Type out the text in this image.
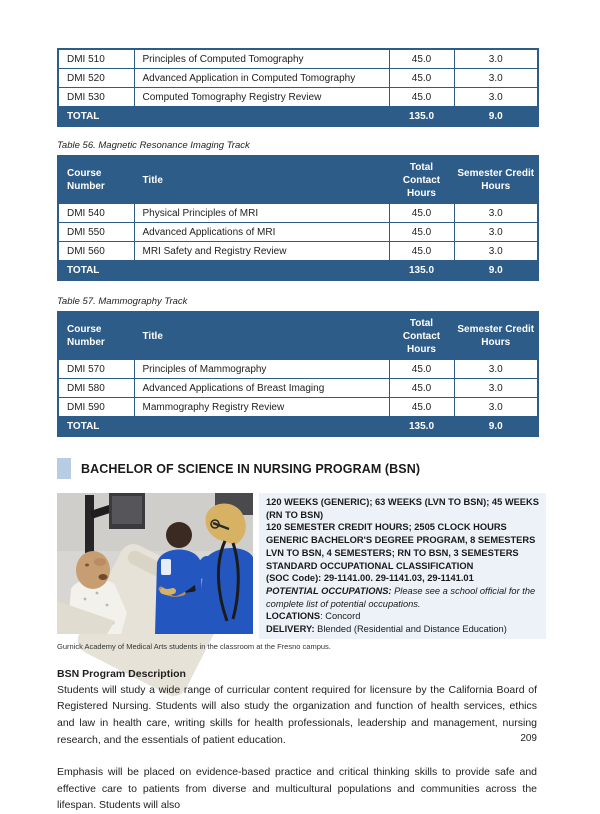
DMI 510	Principles of Computed Tomography	45.0	3.0
DMI 520	Advanced Application in Computed Tomography	45.0	3.0
DMI 530	Computed Tomography Registry Review	45.0	3.0
TOTAL		135.0	9.0
Table 56. Magnetic Resonance Imaging Track
Course Number	Title	Total Contact Hours	Semester Credit Hours
DMI 540	Physical Principles of MRI	45.0	3.0
DMI 550	Advanced Applications of MRI	45.0	3.0
DMI 560	MRI Safety and Registry Review	45.0	3.0
TOTAL		135.0	9.0
Table 57. Mammography Track
Course Number	Title	Total Contact Hours	Semester Credit Hours
DMI 570	Principles of Mammography	45.0	3.0
DMI 580	Advanced Applications of Breast Imaging	45.0	3.0
DMI 590	Mammography Registry Review	45.0	3.0
TOTAL		135.0	9.0
BACHELOR OF SCIENCE IN NURSING PROGRAM (BSN)
120 WEEKS (GENERIC); 63 WEEKS (LVN TO BSN); 45 WEEKS (RN TO BSN)
120 SEMESTER CREDIT HOURS; 2505 CLOCK HOURS
GENERIC BACHELOR'S DEGREE PROGRAM, 8 SEMESTERS
LVN TO BSN, 4 SEMESTERS; RN TO BSN, 3 SEMESTERS
STANDARD OCCUPATIONAL CLASSIFICATION
(SOC Code): 29-1141.00. 29-1141.03, 29-1141.01
POTENTIAL OCCUPATIONS: Please see a school official for the complete list of potential occupations.
LOCATIONS: Concord
DELIVERY: Blended (Residential and Distance Education)
Gurnick Academy of Medical Arts students in the classroom at the Fresno campus.
BSN Program Description
Students will study a wide range of curricular content required for licensure by the California Board of Registered Nursing. Students will also study the organization and function of health services, ethics and law in health care, writing skills for health professionals, leadership and management, nursing research, and the essentials of patient education.
Emphasis will be placed on evidence-based practice and critical thinking skills to provide safe and effective care to patients from diverse and multicultural populations and communities across the lifespan. Students will also
209
